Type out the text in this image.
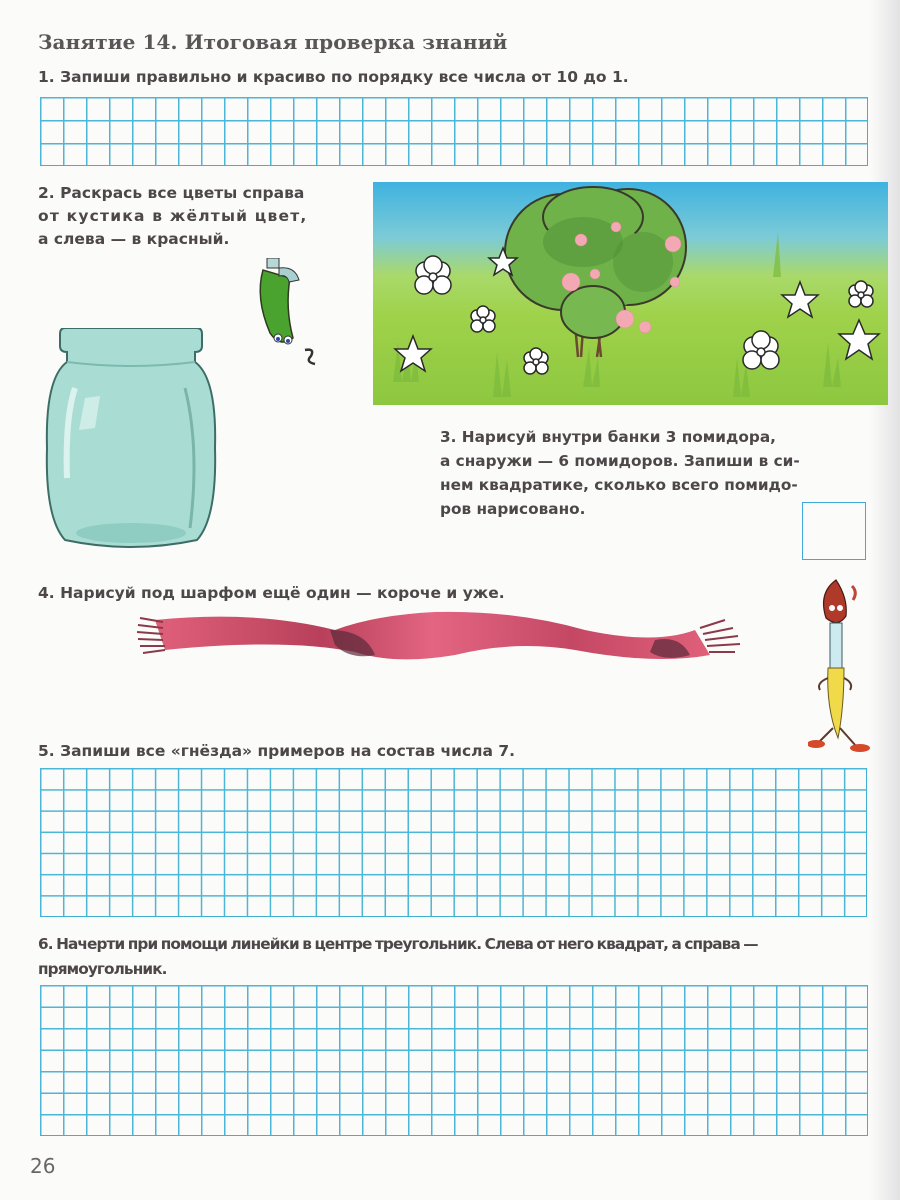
Занятие 14. Итоговая проверка знаний
1. Запиши правильно и красиво по порядку все числа от 10 до 1.
2. Раскрась все цветы справа
от кустика в жёлтый цвет,
а слева — в красный.
3. Нарисуй внутри банки 3 помидора,
а снаружи — 6 помидоров. Запиши в си-
нем квадратике, сколько всего помидо-
ров нарисовано.
4. Нарисуй под шарфом ещё один — короче и уже.
5. Запиши все «гнёзда» примеров на состав числа 7.
6. Начерти при помощи линейки в центре треугольник. Слева от него квадрат, а справа —
прямоугольник.
26
